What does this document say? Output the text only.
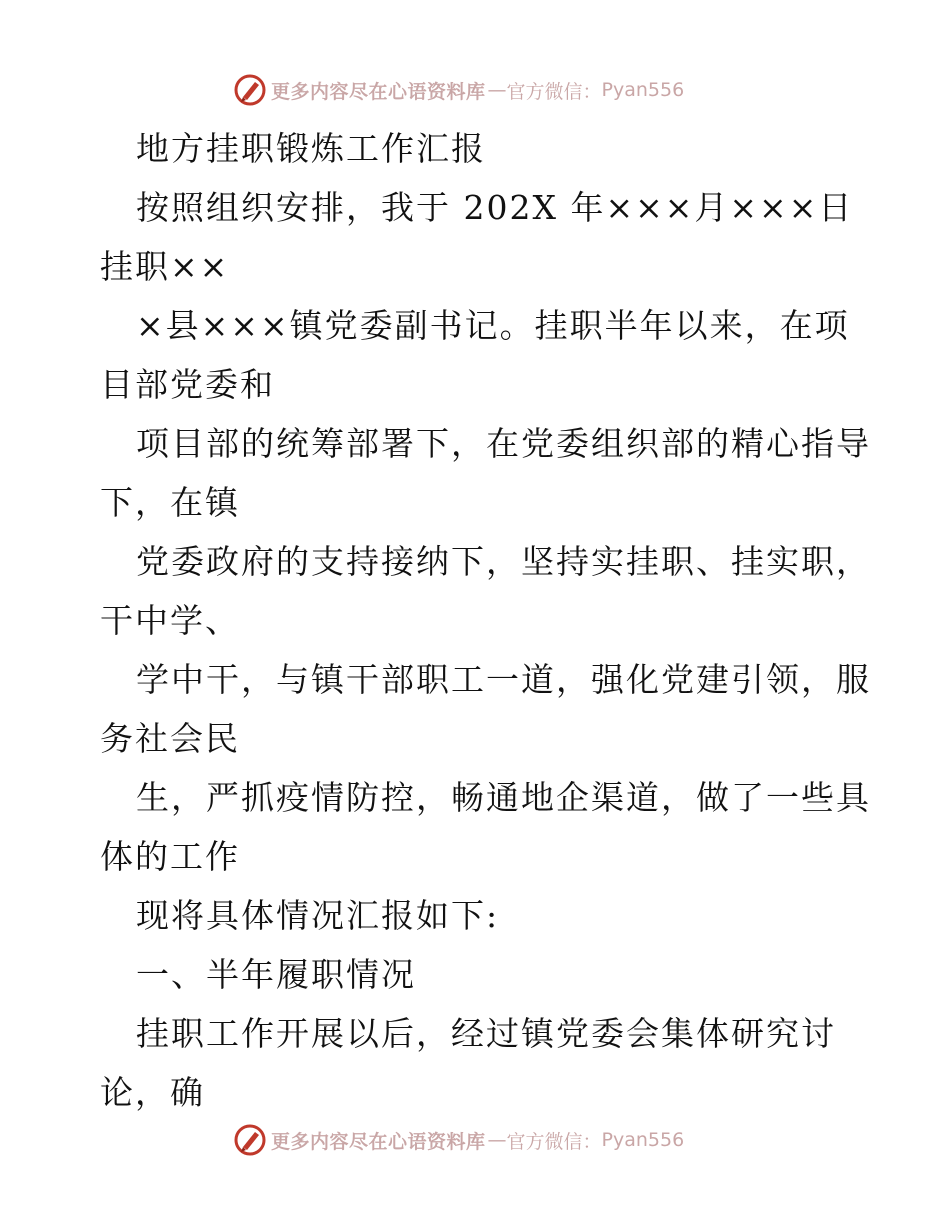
更多内容尽在心语资料库 — 官方微信： Pyan556

地方挂职锻炼工作汇报

按照组织安排，我于 202X 年×××月×××日
挂职××

×县×××镇党委副书记。挂职半年以来，在项
目部党委和

项目部的统筹部署下，在党委组织部的精心指导
下，在镇

党委政府的支持接纳下，坚持实挂职、挂实职，
干中学、

学中干，与镇干部职工一道，强化党建引领，服
务社会民

生，严抓疫情防控，畅通地企渠道，做了一些具
体的工作

现将具体情况汇报如下:

一、半年履职情况

挂职工作开展以后，经过镇党委会集体研究讨
论，确

更多内容尽在心语资料库 — 官方微信： Pyan556
